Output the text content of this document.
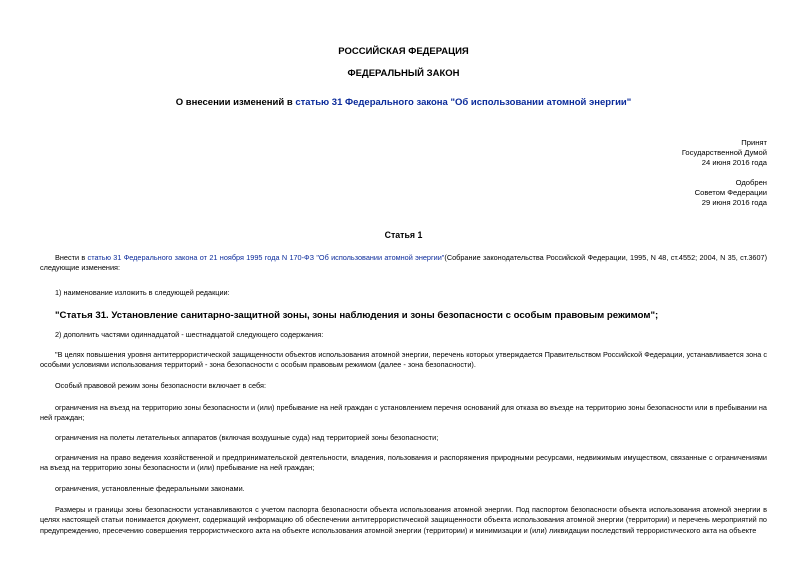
РОССИЙСКАЯ ФЕДЕРАЦИЯ
ФЕДЕРАЛЬНЫЙ ЗАКОН
О внесении изменений в статью 31 Федерального закона "Об использовании атомной энергии"
Принят
Государственной Думой
24 июня 2016 года
Одобрен
Советом Федерации
29 июня 2016 года
Статья 1
Внести в статью 31 Федерального закона от 21 ноября 1995 года N 170-ФЗ "Об использовании атомной энергии"(Собрание законодательства Российской Федерации, 1995, N 48, ст.4552; 2004, N 35, ст.3607) следующие изменения:
1) наименование изложить в следующей редакции:
"Статья 31. Установление санитарно-защитной зоны, зоны наблюдения и зоны безопасности с особым правовым режимом";
2) дополнить частями одиннадцатой - шестнадцатой следующего содержания:
"В целях повышения уровня антитеррористической защищенности объектов использования атомной энергии, перечень которых утверждается Правительством Российской Федерации, устанавливается зона с особыми условиями использования территорий - зона безопасности с особым правовым режимом (далее - зона безопасности).
Особый правовой режим зоны безопасности включает в себя:
ограничения на въезд на территорию зоны безопасности и (или) пребывание на ней граждан с установлением перечня оснований для отказа во въезде на территорию зоны безопасности или в пребывании на ней граждан;
ограничения на полеты летательных аппаратов (включая воздушные суда) над территорией зоны безопасности;
ограничения на право ведения хозяйственной и предпринимательской деятельности, владения, пользования и распоряжения природными ресурсами, недвижимым имуществом, связанные с ограничениями на въезд на территорию зоны безопасности и (или) пребывание на ней граждан;
ограничения, установленные федеральными законами.
Размеры и границы зоны безопасности устанавливаются с учетом паспорта безопасности объекта использования атомной энергии. Под паспортом безопасности объекта использования атомной энергии в целях настоящей статьи понимается документ, содержащий информацию об обеспечении антитеррористической защищенности объекта использования атомной энергии (территории) и перечень мероприятий по предупреждению, пресечению совершения террористического акта на объекте использования атомной энергии (территории) и минимизации и (или) ликвидации последствий террористического акта на объекте
